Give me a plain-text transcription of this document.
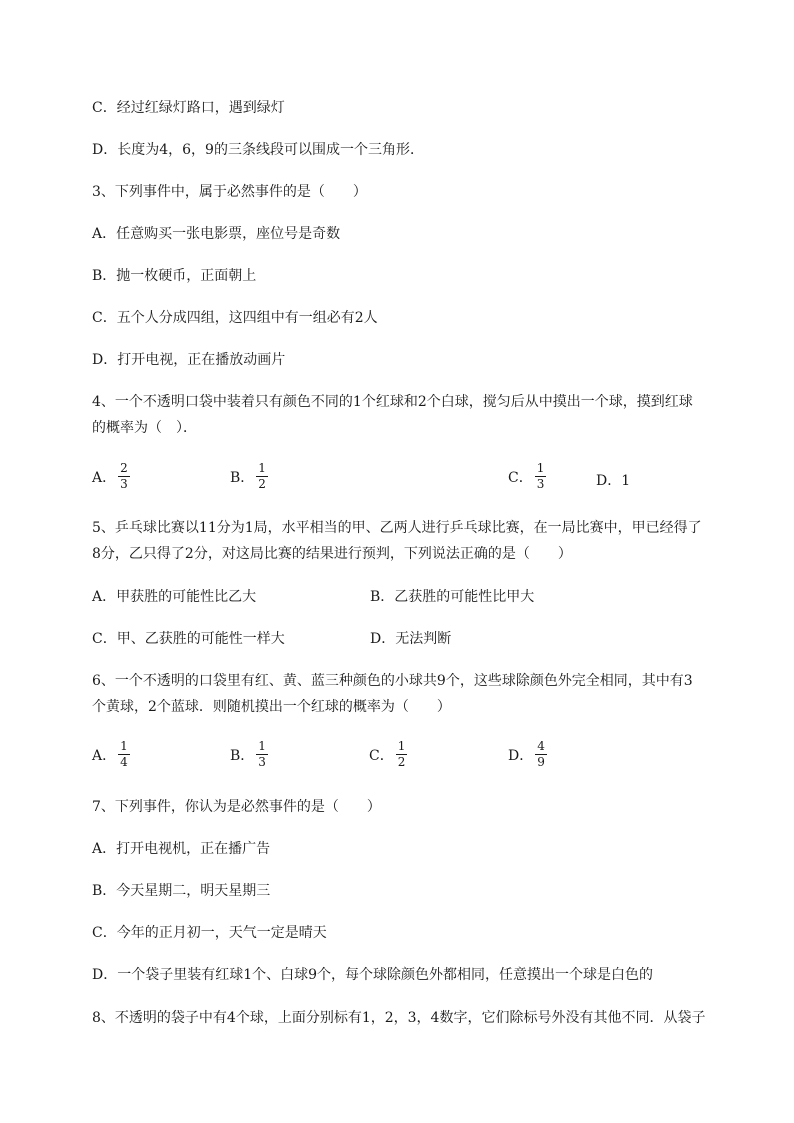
C．经过红绿灯路口，遇到绿灯
D．长度为4，6，9的三条线段可以围成一个三角形．
3、下列事件中，属于必然事件的是（　　）
A．任意购买一张电影票，座位号是奇数
B．抛一枚硬币，正面朝上
C．五个人分成四组，这四组中有一组必有2人
D．打开电视，正在播放动画片
4、一个不透明口袋中装着只有颜色不同的1个红球和2个白球，搅匀后从中摸出一个球，摸到红球
的概率为（　）．
A． $\frac{2}{3}$	B． $\frac{1}{2}$	C． $\frac{1}{3}$	D．1
5、乒乓球比赛以11分为1局，水平相当的甲、乙两人进行乒乓球比赛，在一局比赛中，甲已经得了
8分，乙只得了2分，对这局比赛的结果进行预判，下列说法正确的是（　　）
A．甲获胜的可能性比乙大	B．乙获胜的可能性比甲大
C．甲、乙获胜的可能性一样大	D．无法判断
6、一个不透明的口袋里有红、黄、蓝三种颜色的小球共9个，这些球除颜色外完全相同，其中有3
个黄球，2个蓝球．则随机摸出一个红球的概率为（　　）
A． $\frac{1}{4}$	B． $\frac{1}{3}$	C． $\frac{1}{2}$	D． $\frac{4}{9}$
7、下列事件，你认为是必然事件的是（　　）
A．打开电视机，正在播广告
B．今天星期二，明天星期三
C．今年的正月初一，天气一定是晴天
D．一个袋子里装有红球1个、白球9个，每个球除颜色外都相同，任意摸出一个球是白色的
8、不透明的袋子中有4个球，上面分别标有1，2，3，4数字，它们除标号外没有其他不同．从袋子
